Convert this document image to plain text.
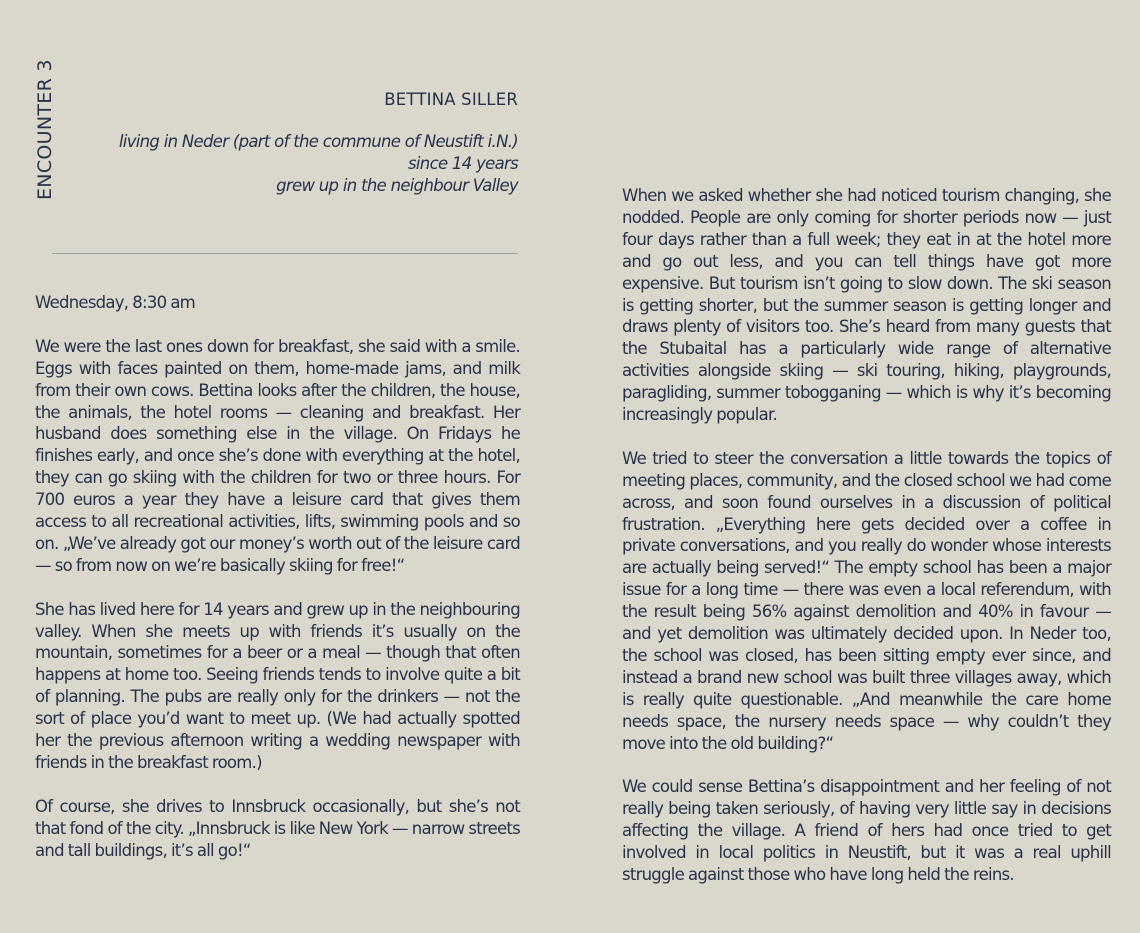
ENCOUNTER 3	BETTINA SILLER
living in Neder (part of the commune of Neustift i.N.)
since 14 years
grew up in the neighbour Valley

Wednesday, 8:30 am

We were the last ones down for breakfast, she said with a smile. Eggs with faces painted on them, home-made jams, and milk from their own cows. Bettina looks after the children, the house, the animals, the hotel rooms — cleaning and breakfast. Her husband does something else in the village. On Fridays he finishes early, and once she’s done with everything at the hotel, they can go skiing with the children for two or three hours. For 700 euros a year they have a leisure card that gives them access to all recreational activities, lifts, swimming pools and so on. „We’ve already got our money’s worth out of the leisure card — so from now on we’re basically skiing for free!“

She has lived here for 14 years and grew up in the neighbouring valley. When she meets up with friends it’s usually on the mountain, sometimes for a beer or a meal — though that often happens at home too. Seeing friends tends to involve quite a bit of planning. The pubs are really only for the drinkers — not the sort of place you’d want to meet up. (We had actually spotted her the previous afternoon writing a wedding newspaper with friends in the breakfast room.)

Of course, she drives to Innsbruck occasionally, but she’s not that fond of the city. „Innsbruck is like New York — narrow streets and tall buildings, it’s all go!“

When we asked whether she had noticed tourism changing, she nodded. People are only coming for shorter periods now — just four days rather than a full week; they eat in at the hotel more and go out less, and you can tell things have got more expensive. But tourism isn’t going to slow down. The ski season is getting shorter, but the summer season is getting longer and draws plenty of visitors too. She’s heard from many guests that the Stubaital has a particularly wide range of alternative activities alongside skiing — ski touring, hiking, playgrounds, paragliding, summer tobogganing — which is why it’s becoming increasingly popular.

We tried to steer the conversation a little towards the topics of meeting places, community, and the closed school we had come across, and soon found ourselves in a discussion of political frustration. „Everything here gets decided over a coffee in private conversations, and you really do wonder whose interests are actually being served!“ The empty school has been a major issue for a long time — there was even a local referendum, with the result being 56% against demolition and 40% in favour — and yet demolition was ultimately decided upon. In Neder too, the school was closed, has been sitting empty ever since, and instead a brand new school was built three villages away, which is really quite questionable. „And meanwhile the care home needs space, the nursery needs space — why couldn’t they move into the old building?“

We could sense Bettina’s disappointment and her feeling of not really being taken seriously, of having very little say in decisions affecting the village. A friend of hers had once tried to get involved in local politics in Neustift, but it was a real uphill struggle against those who have long held the reins.
